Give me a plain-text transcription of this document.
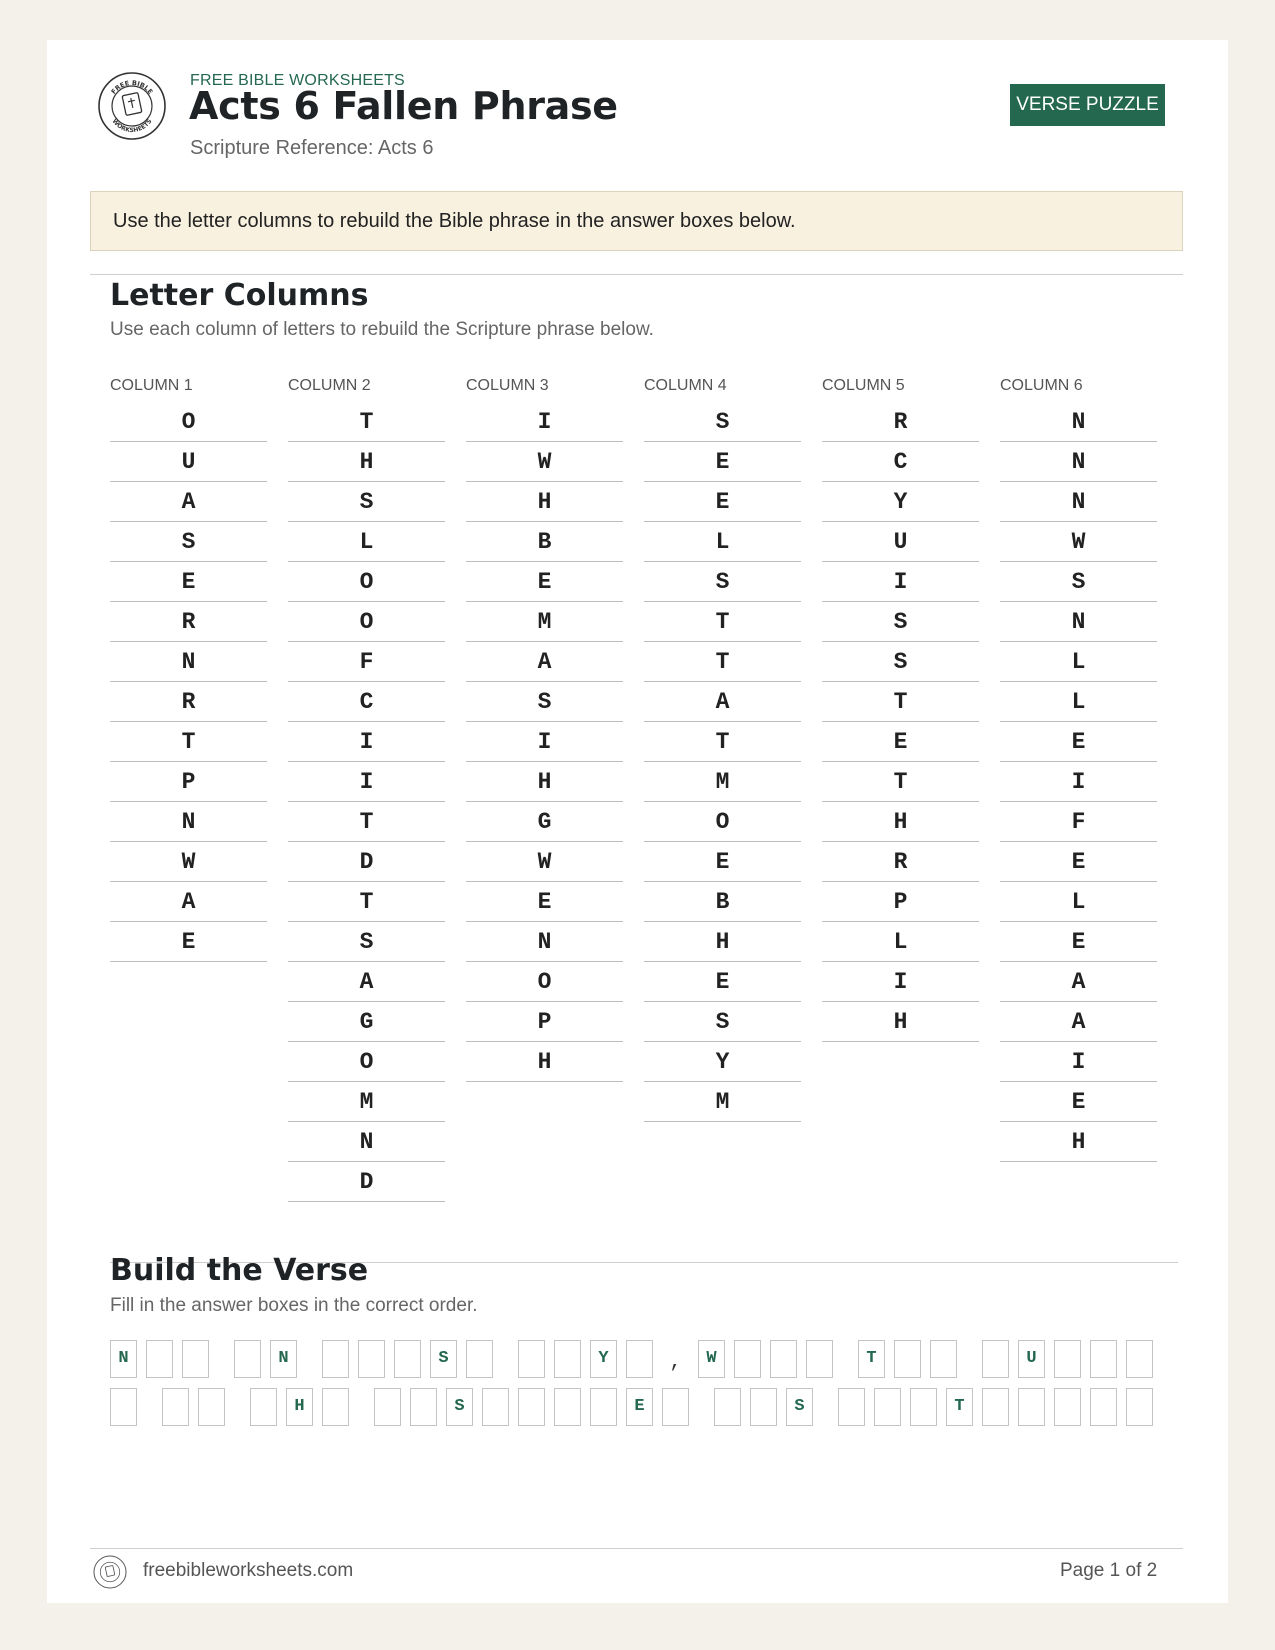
FREE BIBLE
WORKSHEETS
FREE BIBLE WORKSHEETS
Acts 6 Fallen Phrase
Scripture Reference: Acts 6
VERSE PUZZLE
Use the letter columns to rebuild the Bible phrase in the answer boxes below.
Letter Columns
Use each column of letters to rebuild the Scripture phrase below.
COLUMN 1
O
U
A
S
E
R
N
R
T
P
N
W
A
E
COLUMN 2
T
H
S
L
O
O
F
C
I
I
T
D
T
S
A
G
O
M
N
D
COLUMN 3
I
W
H
B
E
M
A
S
I
H
G
W
E
N
O
P
H
COLUMN 4
S
E
E
L
S
T
T
A
T
M
O
E
B
H
E
S
Y
M
COLUMN 5
R
C
Y
U
I
S
S
T
E
T
H
R
P
L
I
H
COLUMN 6
N
N
N
W
S
N
L
L
E
I
F
E
L
E
A
A
I
E
H
Build the Verse
Fill in the answer boxes in the correct order.
N	N	S	Y	,	W	T	U
H	S	E	S	T
freebibleworksheets.com	Page 1 of 2
